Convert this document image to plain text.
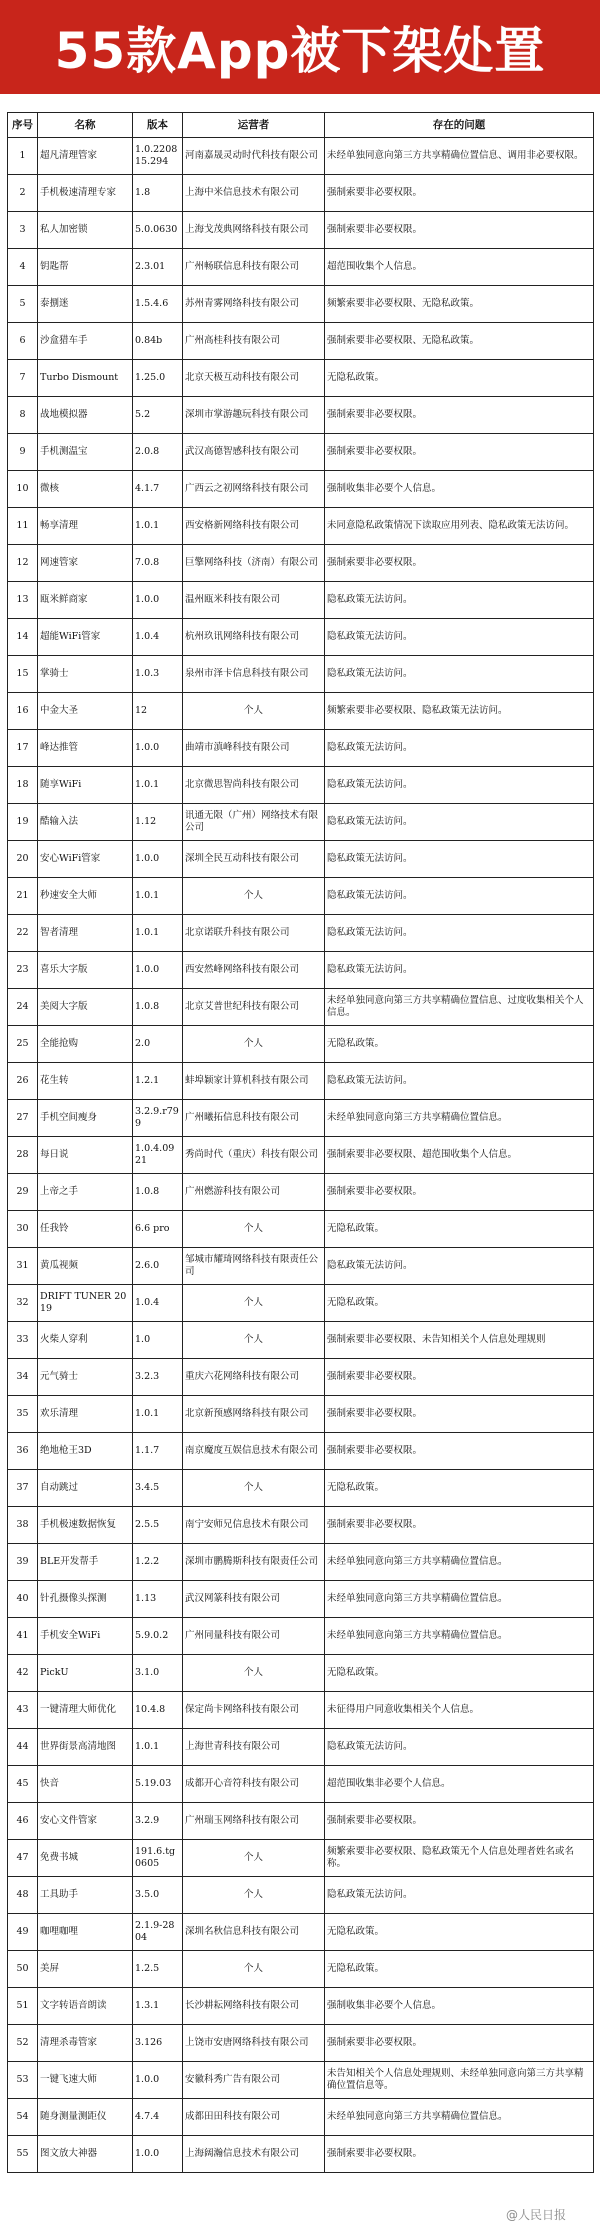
55款App被下架处置
序号	名称	版本	运营者	存在的问题
1	超凡清理管家	1.0.220815.294	河南嘉晟灵动时代科技有限公司	未经单独同意向第三方共享精确位置信息、调用非必要权限。
2	手机极速清理专家	1.8	上海中米信息技术有限公司	强制索要非必要权限。
3	私人加密锁	5.0.0630	上海戈茂典网络科技有限公司	强制索要非必要权限。
4	钥匙帮	2.3.01	广州畅联信息科技有限公司	超范围收集个人信息。
5	泰捌迷	1.5.4.6	苏州青雾网络科技有限公司	频繁索要非必要权限、无隐私政策。
6	沙盒猎车手	0.84b	广州高桂科技有限公司	强制索要非必要权限、无隐私政策。
7	Turbo Dismount	1.25.0	北京天极互动科技有限公司	无隐私政策。
8	战地模拟器	5.2	深圳市掌游趣玩科技有限公司	强制索要非必要权限。
9	手机测温宝	2.0.8	武汉高德智感科技有限公司	强制索要非必要权限。
10	微核	4.1.7	广西云之初网络科技有限公司	强制收集非必要个人信息。
11	畅享清理	1.0.1	西安格新网络科技有限公司	未同意隐私政策情况下读取应用列表、隐私政策无法访问。
12	网速管家	7.0.8	巨擎网络科技（济南）有限公司	强制索要非必要权限。
13	瓯米鲜商家	1.0.0	温州瓯米科技有限公司	隐私政策无法访问。
14	超能WiFi管家	1.0.4	杭州玖讯网络科技有限公司	隐私政策无法访问。
15	掌骑士	1.0.3	泉州市泽卡信息科技有限公司	隐私政策无法访问。
16	中金大圣	12	个人	频繁索要非必要权限、隐私政策无法访问。
17	峰达推管	1.0.0	曲靖市滇峰科技有限公司	隐私政策无法访问。
18	随享WiFi	1.0.1	北京微思智尚科技有限公司	隐私政策无法访问。
19	酷输入法	1.12	讯通无限（广州）网络技术有限公司	隐私政策无法访问。
20	安心WiFi管家	1.0.0	深圳全民互动科技有限公司	隐私政策无法访问。
21	秒速安全大师	1.0.1	个人	隐私政策无法访问。
22	智者清理	1.0.1	北京诺联升科技有限公司	隐私政策无法访问。
23	喜乐大字版	1.0.0	西安然峰网络科技有限公司	隐私政策无法访问。
24	美阅大字版	1.0.8	北京艾普世纪科技有限公司	未经单独同意向第三方共享精确位置信息、过度收集相关个人信息。
25	全能抢购	2.0	个人	无隐私政策。
26	花生转	1.2.1	蚌埠颖家计算机科技有限公司	隐私政策无法访问。
27	手机空间瘦身	3.2.9.r799	广州曦拓信息科技有限公司	未经单独同意向第三方共享精确位置信息。
28	每日说	1.0.4.0921	秀尚时代（重庆）科技有限公司	强制索要非必要权限、超范围收集个人信息。
29	上帝之手	1.0.8	广州燃游科技有限公司	强制索要非必要权限。
30	任我铃	6.6 pro	个人	无隐私政策。
31	黄瓜视频	2.6.0	邹城市耀琦网络科技有限责任公司	隐私政策无法访问。
32	DRIFT TUNER 2019	1.0.4	个人	无隐私政策。
33	火柴人穿利	1.0	个人	强制索要非必要权限、未告知相关个人信息处理规则
34	元气骑士	3.2.3	重庆六花网络科技有限公司	强制索要非必要权限。
35	欢乐清理	1.0.1	北京新预感网络科技有限公司	强制索要非必要权限。
36	绝地枪王3D	1.1.7	南京魔度互娱信息技术有限公司	强制索要非必要权限。
37	自动跳过	3.4.5	个人	无隐私政策。
38	手机极速数据恢复	2.5.5	南宁安师兄信息技术有限公司	强制索要非必要权限。
39	BLE开发帮手	1.2.2	深圳市鹏腾斯科技有限责任公司	未经单独同意向第三方共享精确位置信息。
40	针孔摄像头探测	1.13	武汉网篆科技有限公司	未经单独同意向第三方共享精确位置信息。
41	手机安全WiFi	5.9.0.2	广州同量科技有限公司	未经单独同意向第三方共享精确位置信息。
42	PickU	3.1.0	个人	无隐私政策。
43	一键清理大师优化	10.4.8	保定尚卡网络科技有限公司	未征得用户同意收集相关个人信息。
44	世界街景高清地图	1.0.1	上海世青科技有限公司	隐私政策无法访问。
45	快音	5.19.03	成都开心音符科技有限公司	超范围收集非必要个人信息。
46	安心文件管家	3.2.9	广州瑞玉网络科技有限公司	强制索要非必要权限。
47	免费书城	191.6.tg0605	个人	频繁索要非必要权限、隐私政策无个人信息处理者姓名或名称。
48	工具助手	3.5.0	个人	隐私政策无法访问。
49	咖哩咖哩	2.1.9-2804	深圳名秋信息科技有限公司	无隐私政策。
50	美屏	1.2.5	个人	无隐私政策。
51	文字转语音朗读	1.3.1	长沙耕耘网络科技有限公司	强制收集非必要个人信息。
52	清理杀毒管家	3.126	上饶市安唐网络科技有限公司	强制索要非必要权限。
53	一键飞速大师	1.0.0	安徽科秀广告有限公司	未告知相关个人信息处理规则、未经单独同意向第三方共享精确位置信息等。
54	随身测量测距仪	4.7.4	成都田田科技有限公司	未经单独同意向第三方共享精确位置信息。
55	图文放大神器	1.0.0	上海阔瀚信息技术有限公司	强制索要非必要权限。
@人民日报
